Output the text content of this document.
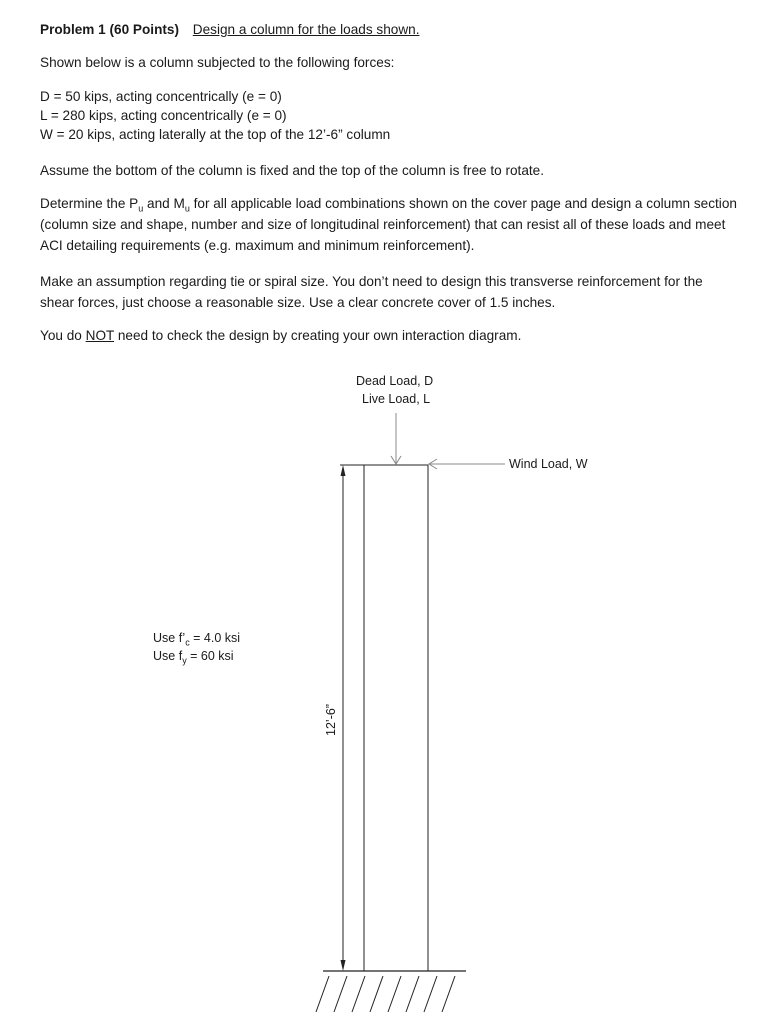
Problem 1 (60 Points) Design a column for the loads shown.
Shown below is a column subjected to the following forces:
D = 50 kips, acting concentrically (e = 0)
L = 280 kips, acting concentrically (e = 0)
W = 20 kips, acting laterally at the top of the 12’-6” column
Assume the bottom of the column is fixed and the top of the column is free to rotate.
Determine the $P_u$ and $M_u$ for all applicable load combinations shown on the cover page and design a column section (column size and shape, number and size of longitudinal reinforcement) that can resist all of these loads and meet ACI detailing requirements (e.g. maximum and minimum reinforcement).
Make an assumption regarding tie or spiral size. You don’t need to design this transverse reinforcement for the shear forces, just choose a reasonable size. Use a clear concrete cover of 1.5 inches.
You do NOT need to check the design by creating your own interaction diagram.
Dead Load, D
Live Load, L
Wind Load, W
Use $f’_c = 4.0$ ksi
Use $f_y = 60$ ksi
12’-6”
